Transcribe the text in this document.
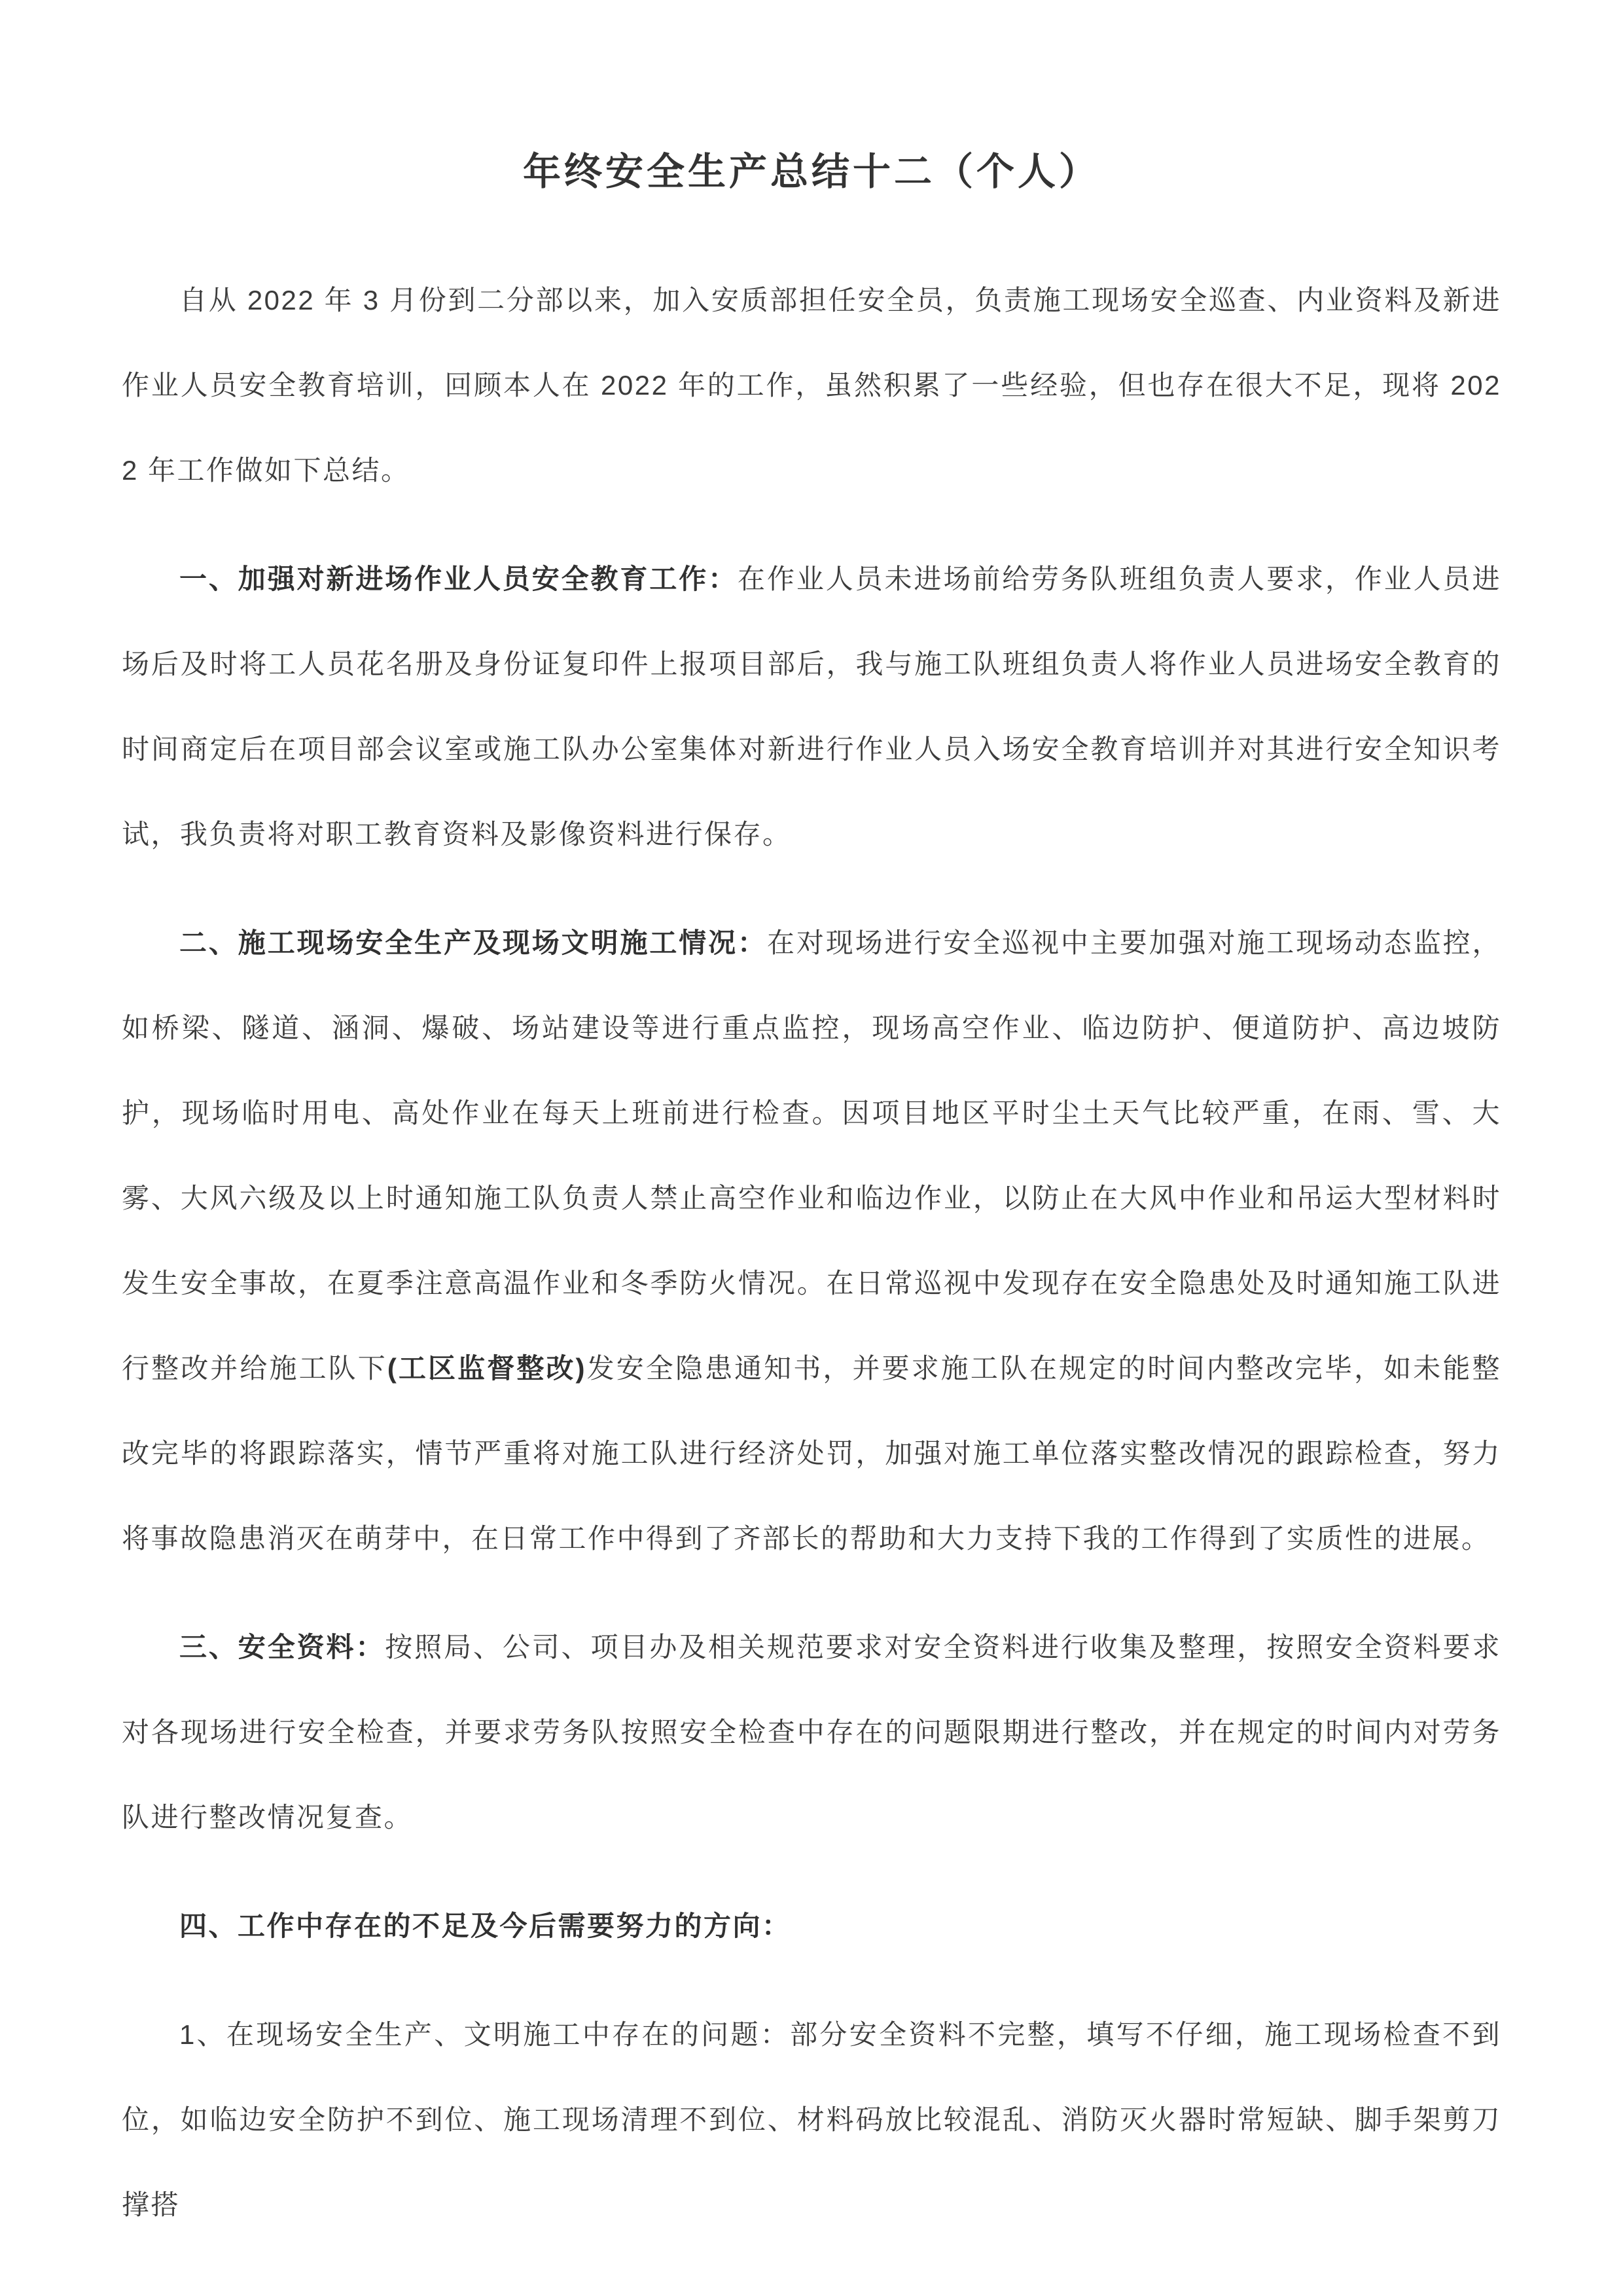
年终安全生产总结十二（个人）

自从 2022 年 3 月份到二分部以来，加入安质部担任安全员，负责施工现场安全巡查、内业资料及新进作业人员安全教育培训，回顾本人在 2022 年的工作，虽然积累了一些经验，但也存在很大不足，现将 2022 年工作做如下总结。

一、加强对新进场作业人员安全教育工作：在作业人员未进场前给劳务队班组负责人要求，作业人员进场后及时将工人员花名册及身份证复印件上报项目部后，我与施工队班组负责人将作业人员进场安全教育的时间商定后在项目部会议室或施工队办公室集体对新进行作业人员入场安全教育培训并对其进行安全知识考试，我负责将对职工教育资料及影像资料进行保存。

二、施工现场安全生产及现场文明施工情况：在对现场进行安全巡视中主要加强对施工现场动态监控，如桥梁、隧道、涵洞、爆破、场站建设等进行重点监控，现场高空作业、临边防护、便道防护、高边坡防护，现场临时用电、高处作业在每天上班前进行检查。因项目地区平时尘土天气比较严重，在雨、雪、大雾、大风六级及以上时通知施工队负责人禁止高空作业和临边作业，以防止在大风中作业和吊运大型材料时发生安全事故，在夏季注意高温作业和冬季防火情况。在日常巡视中发现存在安全隐患处及时通知施工队进行整改并给施工队下(工区监督整改)发安全隐患通知书，并要求施工队在规定的时间内整改完毕，如未能整改完毕的将跟踪落实，情节严重将对施工队进行经济处罚，加强对施工单位落实整改情况的跟踪检查，努力将事故隐患消灭在萌芽中，在日常工作中得到了齐部长的帮助和大力支持下我的工作得到了实质性的进展。

三、安全资料：按照局、公司、项目办及相关规范要求对安全资料进行收集及整理，按照安全资料要求对各现场进行安全检查，并要求劳务队按照安全检查中存在的问题限期进行整改，并在规定的时间内对劳务队进行整改情况复查。

四、工作中存在的不足及今后需要努力的方向：

1、在现场安全生产、文明施工中存在的问题：部分安全资料不完整，填写不仔细，施工现场检查不到位，如临边安全防护不到位、施工现场清理不到位、材料码放比较混乱、消防灭火器时常短缺、脚手架剪刀撑搭
